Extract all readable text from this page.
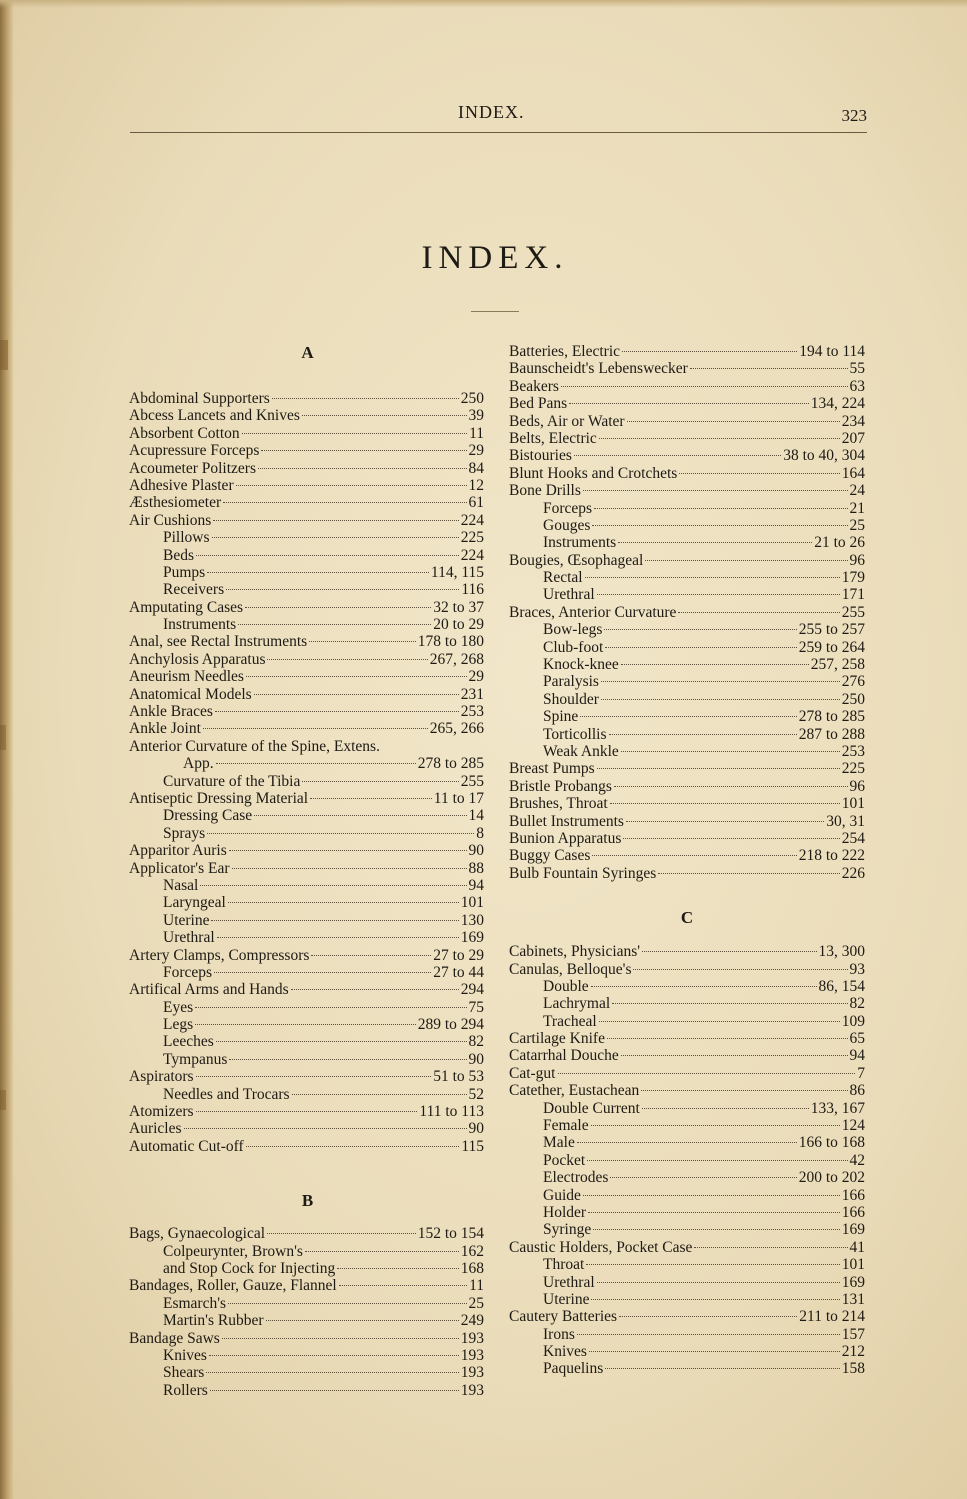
INDEX.	323
INDEX.
A
Abdominal Supporters	250
Abcess Lancets and Knives	39
Absorbent Cotton	11
Acupressure Forceps	29
Acoumeter Politzers	84
Adhesive Plaster	12
Æsthesiometer	61
Air Cushions	224
Pillows	225
Beds	224
Pumps	114, 115
Receivers	116
Amputating Cases	32 to 37
Instruments	20 to 29
Anal, see Rectal Instruments	178 to 180
Anchylosis Apparatus	267, 268
Aneurism Needles	29
Anatomical Models	231
Ankle Braces	253
Ankle Joint	265, 266
Anterior Curvature of the Spine, Extens.
App.	278 to 285
Curvature of the Tibia	255
Antiseptic Dressing Material	11 to 17
Dressing Case	14
Sprays	8
Apparitor Auris	90
Applicator's Ear	88
Nasal	94
Laryngeal	101
Uterine	130
Urethral	169
Artery Clamps, Compressors	27 to 29
Forceps	27 to 44
Artifical Arms and Hands	294
Eyes	75
Legs	289 to 294
Leeches	82
Tympanus	90
Aspirators	51 to 53
Needles and Trocars	52
Atomizers	111 to 113
Auricles	90
Automatic Cut-off	115
B
Bags, Gynaecological	152 to 154
Colpeurynter, Brown's	162
and Stop Cock for Injecting	168
Bandages, Roller, Gauze, Flannel	11
Esmarch's	25
Martin's Rubber	249
Bandage Saws	193
Knives	193
Shears	193
Rollers	193
Batteries, Electric	194 to 114
Baunscheidt's Lebenswecker	55
Beakers	63
Bed Pans	134, 224
Beds, Air or Water	234
Belts, Electric	207
Bistouries	38 to 40, 304
Blunt Hooks and Crotchets	164
Bone Drills	24
Forceps	21
Gouges	25
Instruments	21 to 26
Bougies, Œsophageal	96
Rectal	179
Urethral	171
Braces, Anterior Curvature	255
Bow-legs	255 to 257
Club-foot	259 to 264
Knock-knee	257, 258
Paralysis	276
Shoulder	250
Spine	278 to 285
Torticollis	287 to 288
Weak Ankle	253
Breast Pumps	225
Bristle Probangs	96
Brushes, Throat	101
Bullet Instruments	30, 31
Bunion Apparatus	254
Buggy Cases	218 to 222
Bulb Fountain Syringes	226
C
Cabinets, Physicians'	13, 300
Canulas, Belloque's	93
Double	86, 154
Lachrymal	82
Tracheal	109
Cartilage Knife	65
Catarrhal Douche	94
Cat-gut	7
Catether, Eustachean	86
Double Current	133, 167
Female	124
Male	166 to 168
Pocket	42
Electrodes	200 to 202
Guide	166
Holder	166
Syringe	169
Caustic Holders, Pocket Case	41
Throat	101
Urethral	169
Uterine	131
Cautery Batteries	211 to 214
Irons	157
Knives	212
Paquelins	158
